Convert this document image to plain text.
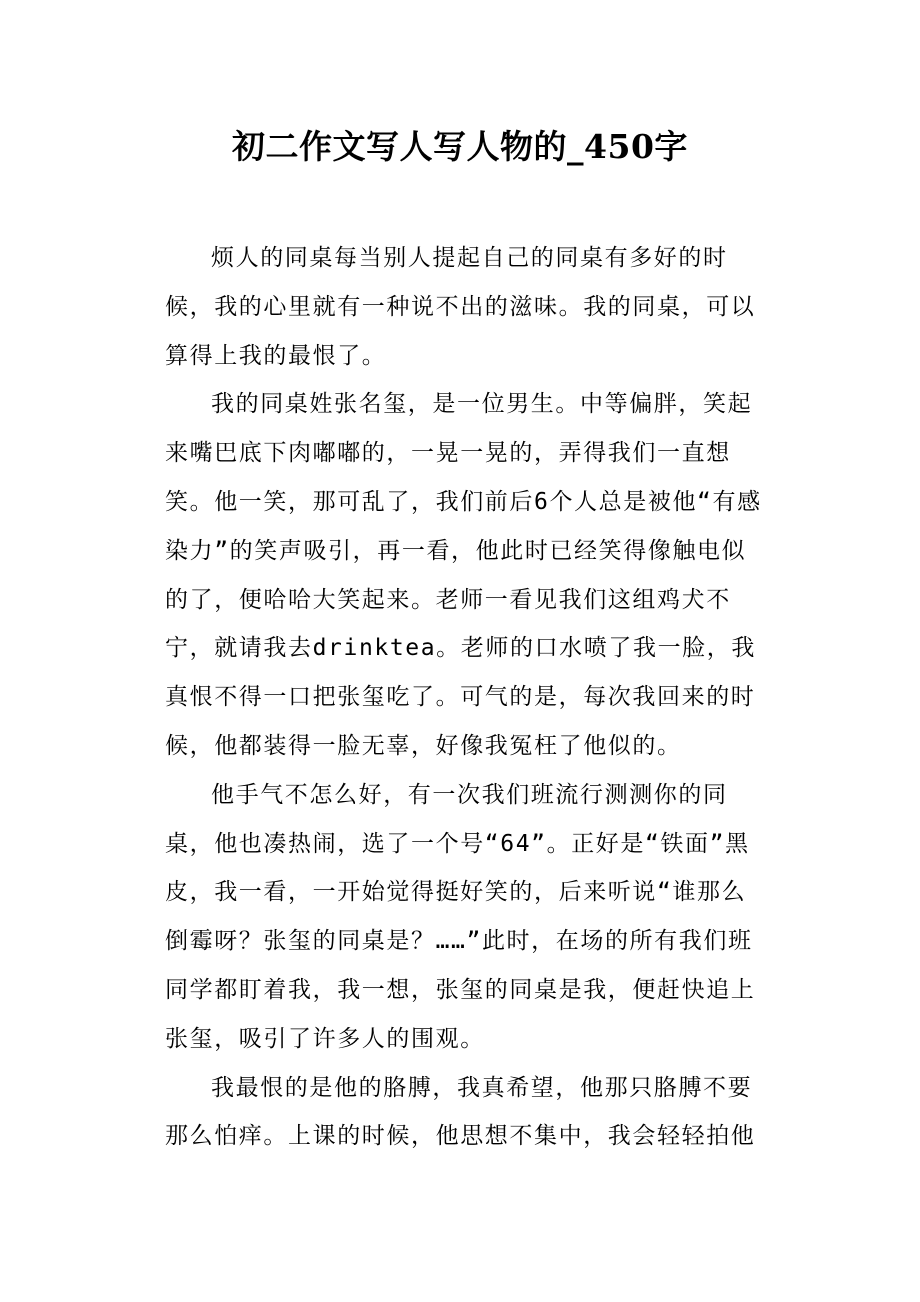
初二作文写人写人物的_450字

烦人的同桌每当别人提起自己的同桌有多好的时候，我的心里就有一种说不出的滋味。我的同桌，可以算得上我的最恨了。

我的同桌姓张名玺，是一位男生。中等偏胖，笑起来嘴巴底下肉嘟嘟的，一晃一晃的，弄得我们一直想笑。他一笑，那可乱了，我们前后6个人总是被他“有感染力”的笑声吸引，再一看，他此时已经笑得像触电似的了，便哈哈大笑起来。老师一看见我们这组鸡犬不宁，就请我去drinktea。老师的口水喷了我一脸，我真恨不得一口把张玺吃了。可气的是，每次我回来的时候，他都装得一脸无辜，好像我冤枉了他似的。

他手气不怎么好，有一次我们班流行测测你的同桌，他也凑热闹，选了一个号“64”。正好是“铁面”黑皮，我一看，一开始觉得挺好笑的，后来听说“谁那么倒霉呀？张玺的同桌是？……”此时，在场的所有我们班同学都盯着我，我一想，张玺的同桌是我，便赶快追上张玺，吸引了许多人的围观。

我最恨的是他的胳膊，我真希望，他那只胳膊不要那么怕痒。上课的时候，他思想不集中，我会轻轻拍他
